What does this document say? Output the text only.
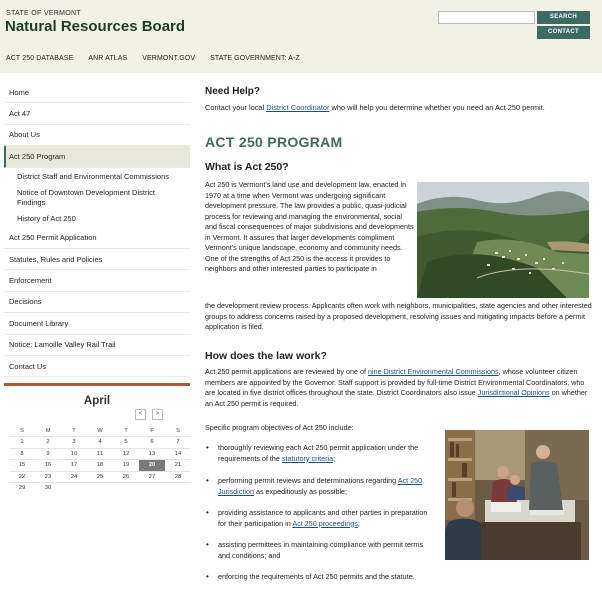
STATE OF VERMONT
Natural Resources Board
SEARCH
CONTACT
ACT 250 DATABASE ANR ATLAS VERMONT.GOV STATE GOVERNMENT: A-Z
Home
Act 47
About Us
Act 250 Program
District Staff and Environmental Commissions
Notice of Downtown Development District Findings
History of Act 250
Act 250 Permit Application
Statutes, Rules and Policies
Enforcement
Decisions
Document Library
Notice: Lamoille Valley Rail Trail
Contact Us
April
<	>
S	M	T	W	T	F	S
1	2	3	4	5	6	7
8	9	10	11	12	13	14
15	16	17	18	19	20	21
22	23	24	25	26	27	28
29	30
Need Help?
Contact your local District Coordinator who will help you determine whether you need an Act 250 permit.
ACT 250 PROGRAM
What is Act 250?
Act 250 is Vermont's land use and development law, enacted in 1970 at a time when Vermont was undergoing significant development pressure. The law provides a public, quasi-judicial process for reviewing and managing the environmental, social and fiscal consequences of major subdivisions and developments in Vermont. It assures that larger developments compliment Vermont's unique landscape, economy and community needs. One of the strengths of Act 250 is the access it provides to neighbors and other interested parties to participate in
the development review process. Applicants often work with neighbors, municipalities, state agencies and other interested groups to address concerns raised by a proposed development, resolving issues and mitigating impacts before a permit application is filed.
How does the law work?
Act 250 permit applications are reviewed by one of nine District Environmental Commissions, whose volunteer citizen members are appointed by the Governor. Staff support is provided by full-time District Environmental Coordinators, who are located in five district offices throughout the state. District Coordinators also issue Jurisdictional Opinions on whether an Act 250 permit is required.
Specific program objectives of Act 250 include:
• thoroughly reviewing each Act 250 permit application under the requirements of the statutory criteria;
• performing permit reviews and determinations regarding Act 250 Jurisdiction as expeditiously as possible;
• providing assistance to applicants and other parties in preparation for their participation in Act 250 proceedings;
• assisting permittees in maintaining compliance with permit terms and conditions; and
• enforcing the requirements of Act 250 permits and the statute.
